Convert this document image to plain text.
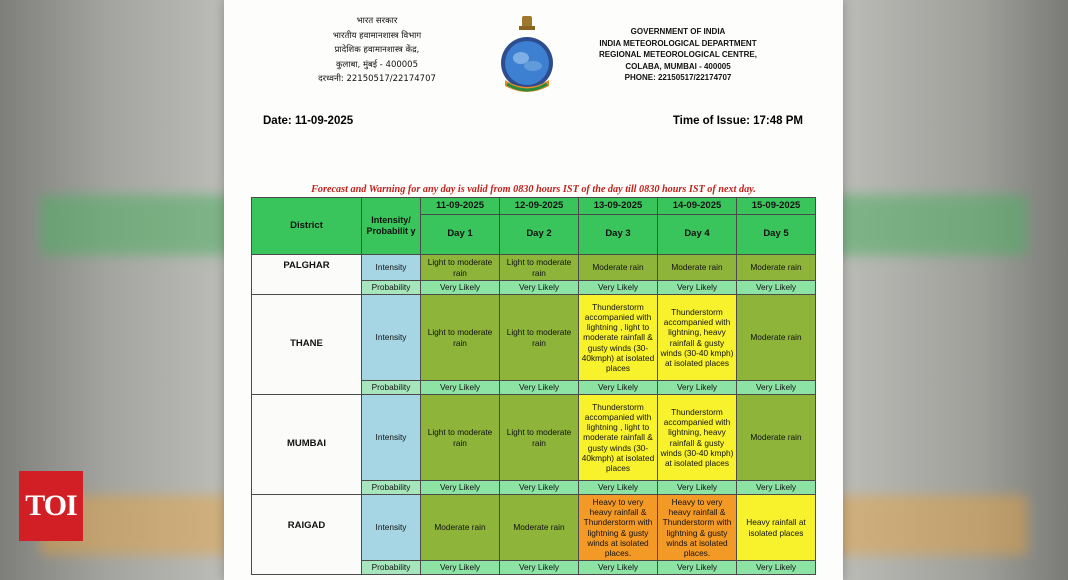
भारत सरकार
भारतीय हवामानशास्त्र विभाग
प्रादेशिक हवामानशास्त्र केंद्र,
कुलाबा, मुंबई - 400005
दरध्वनी: 22150517/22174707
GOVERNMENT OF INDIA
INDIA METEOROLOGICAL DEPARTMENT
REGIONAL METEOROLOGICAL CENTRE,
COLABA, MUMBAI - 400005
PHONE: 22150517/22174707
Date: 11-09-2025	Time of Issue: 17:48 PM
Forecast and Warning for any day is valid from 0830 hours IST of the day till 0830 hours IST of next day.
District	Intensity/ Probabilit y	11-09-2025	12-09-2025	13-09-2025	14-09-2025	15-09-2025
		Day 1	Day 2	Day 3	Day 4	Day 5
PALGHAR	Intensity	Light to moderate rain	Light to moderate rain	Moderate rain	Moderate rain	Moderate rain
	Probability	Very Likely	Very Likely	Very Likely	Very Likely	Very Likely
THANE	Intensity	Light to moderate rain	Light to moderate rain	Thunderstorm accompanied with lightning , light to moderate rainfall & gusty winds (30-40kmph) at isolated places	Thunderstorm accompanied with lightning, heavy rainfall & gusty winds (30-40 kmph) at isolated places	Moderate rain
	Probability	Very Likely	Very Likely	Very Likely	Very Likely	Very Likely
MUMBAI	Intensity	Light to moderate rain	Light to moderate rain	Thunderstorm accompanied with lightning , light to moderate rainfall & gusty winds (30-40kmph) at isolated places	Thunderstorm accompanied with lightning, heavy rainfall & gusty winds (30-40 kmph) at isolated places	Moderate rain
	Probability	Very Likely	Very Likely	Very Likely	Very Likely	Very Likely
RAIGAD	Intensity	Moderate rain	Moderate rain	Heavy to very heavy rainfall & Thunderstorm with lightning & gusty winds at isolated places.	Heavy to very heavy rainfall & Thunderstorm with lightning & gusty winds at isolated places.	Heavy rainfall at isolated places
	Probability	Very Likely	Very Likely	Very Likely	Very Likely	Very Likely
TOI
